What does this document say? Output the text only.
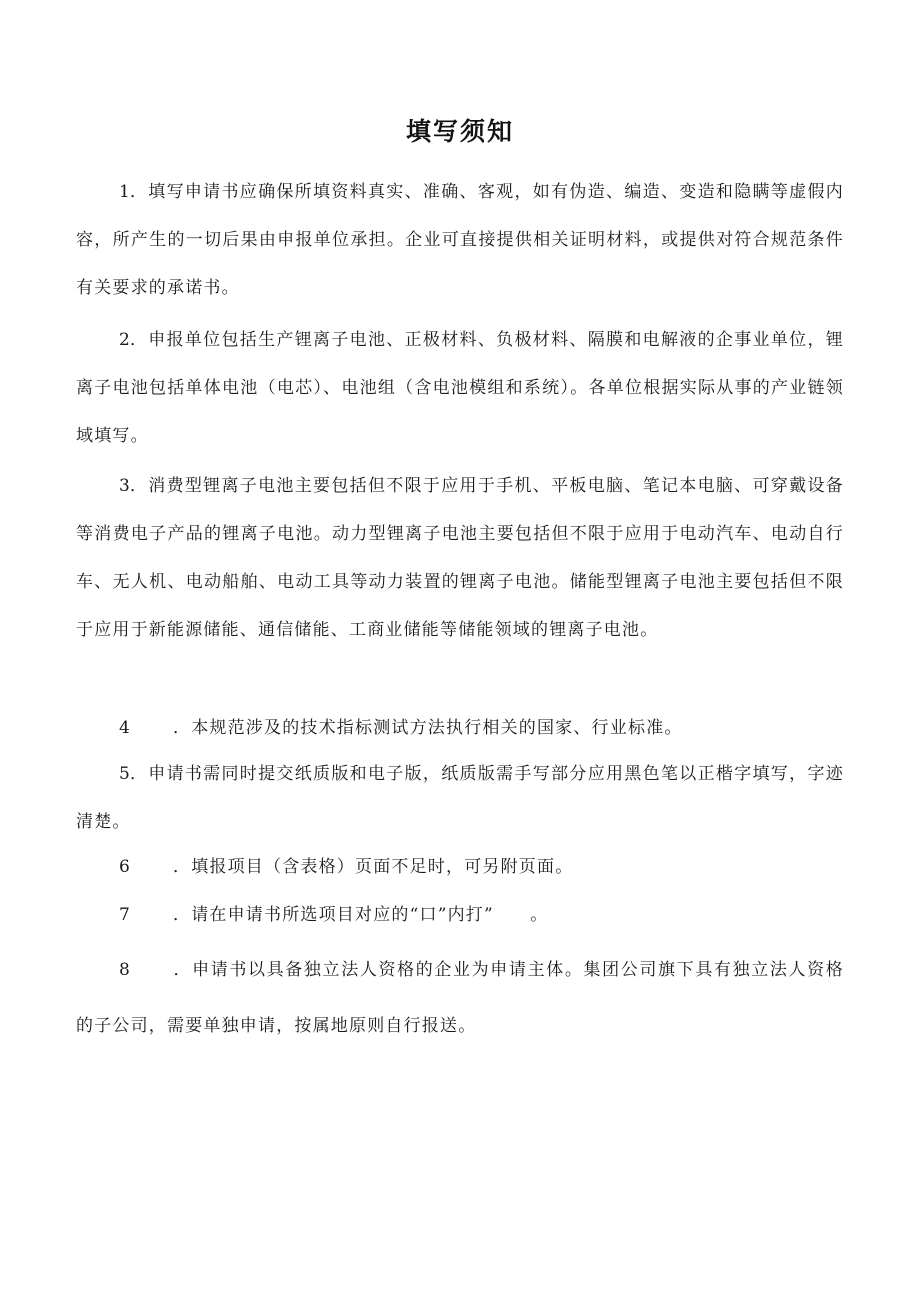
填写须知

1．填写申请书应确保所填资料真实、准确、客观，如有伪造、编造、变造和隐瞒等虚假内容，所产生的一切后果由申报单位承担。企业可直接提供相关证明材料，或提供对符合规范条件有关要求的承诺书。

2．申报单位包括生产锂离子电池、正极材料、负极材料、隔膜和电解液的企事业单位，锂离子电池包括单体电池（电芯）、电池组（含电池模组和系统）。各单位根据实际从事的产业链领域填写。

3．消费型锂离子电池主要包括但不限于应用于手机、平板电脑、笔记本电脑、可穿戴设备等消费电子产品的锂离子电池。动力型锂离子电池主要包括但不限于应用于电动汽车、电动自行车、无人机、电动船舶、电动工具等动力装置的锂离子电池。储能型锂离子电池主要包括但不限于应用于新能源储能、通信储能、工商业储能等储能领域的锂离子电池。

4	．本规范涉及的技术指标测试方法执行相关的国家、行业标准。

5．申请书需同时提交纸质版和电子版，纸质版需手写部分应用黑色笔以正楷字填写，字迹清楚。

6	．填报项目（含表格）页面不足时，可另附页面。

7	．请在申请书所选项目对应的“口”内打”　　。

8	．申请书以具备独立法人资格的企业为申请主体。集团公司旗下具有独立法人资格的子公司，需要单独申请，按属地原则自行报送。
